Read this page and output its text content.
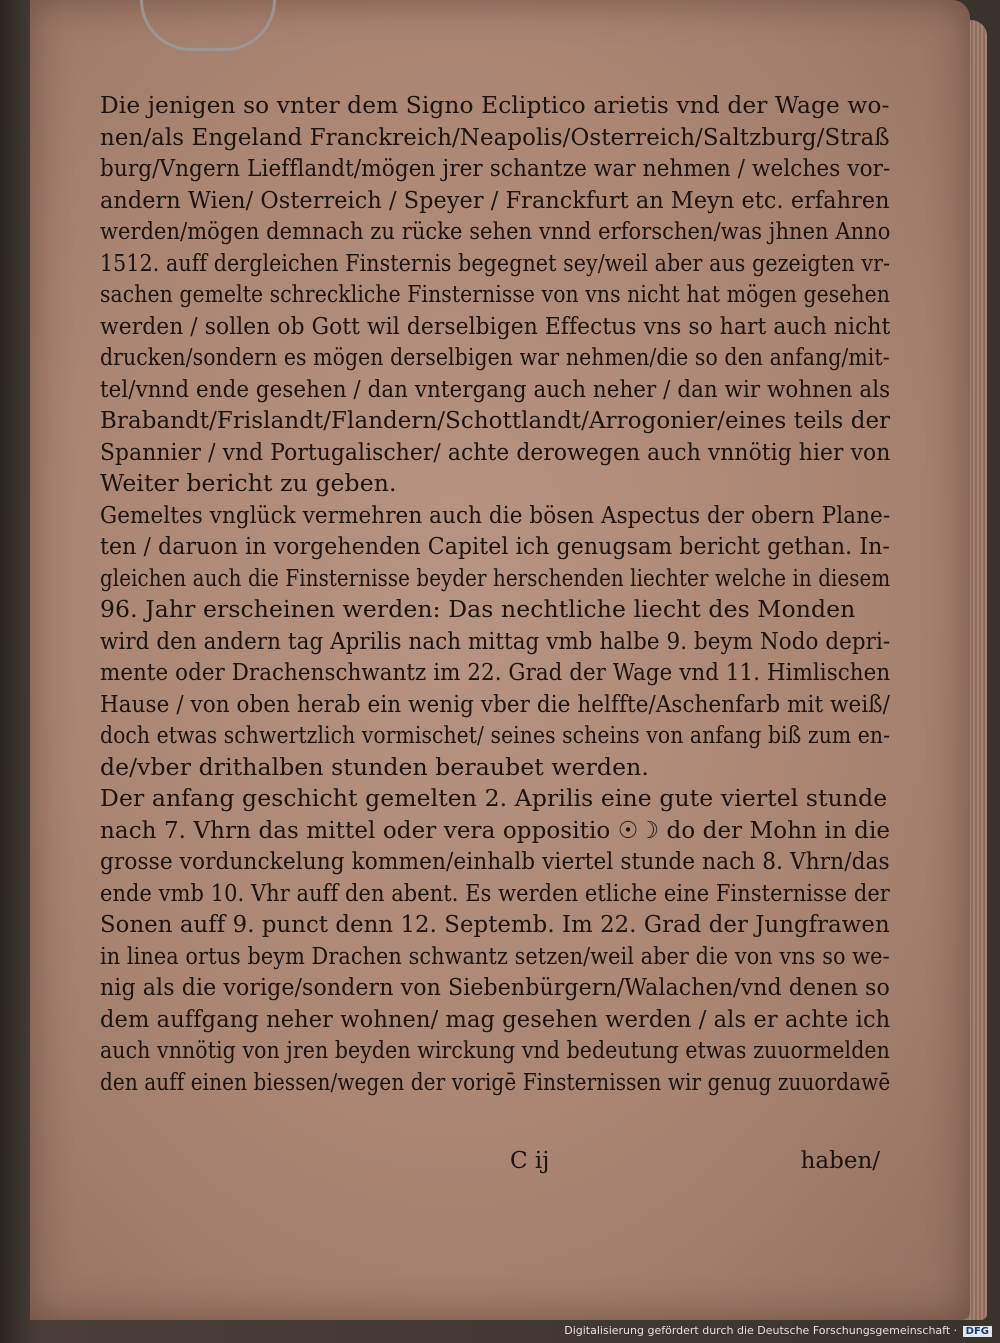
Die jenigen so vnter dem Signo Ecliptico arietis vnd der Wage wo-
nen/als Engeland Franckreich/Neapolis/Osterreich/Saltzburg/Straß
burg/Vngern Liefflandt/mögen jrer schantze war nehmen / welches vor-
andern Wien/ Osterreich / Speyer / Franckfurt an Meyn etc. erfahren
werden/mögen demnach zu rücke sehen vnnd erforschen/was jhnen Anno
1512. auff dergleichen Finsternis begegnet sey/weil aber aus gezeigten vr-
sachen gemelte schreckliche Finsternisse von vns nicht hat mögen gesehen
werden / sollen ob Gott wil derselbigen Effectus vns so hart auch nicht
drucken/sondern es mögen derselbigen war nehmen/die so den anfang/mit-
tel/vnnd ende gesehen / dan vntergang auch neher / dan wir wohnen als
Brabandt/Frislandt/Flandern/Schottlandt/Arrogonier/eines teils der
Spannier / vnd Portugalischer/ achte derowegen auch vnnötig hier von
Weiter bericht zu geben.
Gemeltes vnglück vermehren auch die bösen Aspectus der obern Plane-
ten / daruon in vorgehenden Capitel ich genugsam bericht gethan. In-
gleichen auch die Finsternisse beyder herschenden liechter welche in diesem
96. Jahr erscheinen werden: Das nechtliche liecht des Monden
wird den andern tag Aprilis nach mittag vmb halbe 9. beym Nodo depri-
mente oder Drachenschwantz im 22. Grad der Wage vnd 11. Himlischen
Hause / von oben herab ein wenig vber die helffte/Aschenfarb mit weiß/
doch etwas schwertzlich vormischet/ seines scheins von anfang biß zum en-
de/vber drithalben stunden beraubet werden.
Der anfang geschicht gemelten 2. Aprilis eine gute viertel stunde
nach 7. Vhrn das mittel oder vera oppositio ☉☽ do der Mohn in die
grosse vordunckelung kommen/einhalb viertel stunde nach 8. Vhrn/das
ende vmb 10. Vhr auff den abent. Es werden etliche eine Finsternisse der
Sonen auff 9. punct denn 12. Septemb. Im 22. Grad der Jungfrawen
in linea ortus beym Drachen schwantz setzen/weil aber die von vns so we-
nig als die vorige/sondern von Siebenbürgern/Walachen/vnd denen so
dem auffgang neher wohnen/ mag gesehen werden / als er achte ich
auch vnnötig von jren beyden wirckung vnd bedeutung etwas zuuormelden
den auff einen biessen/wegen der vorigē Finsternissen wir genug zuuordawē
C ij	haben/
Digitalisierung gefördert durch die Deutsche Forschungsgemeinschaft · DFG
